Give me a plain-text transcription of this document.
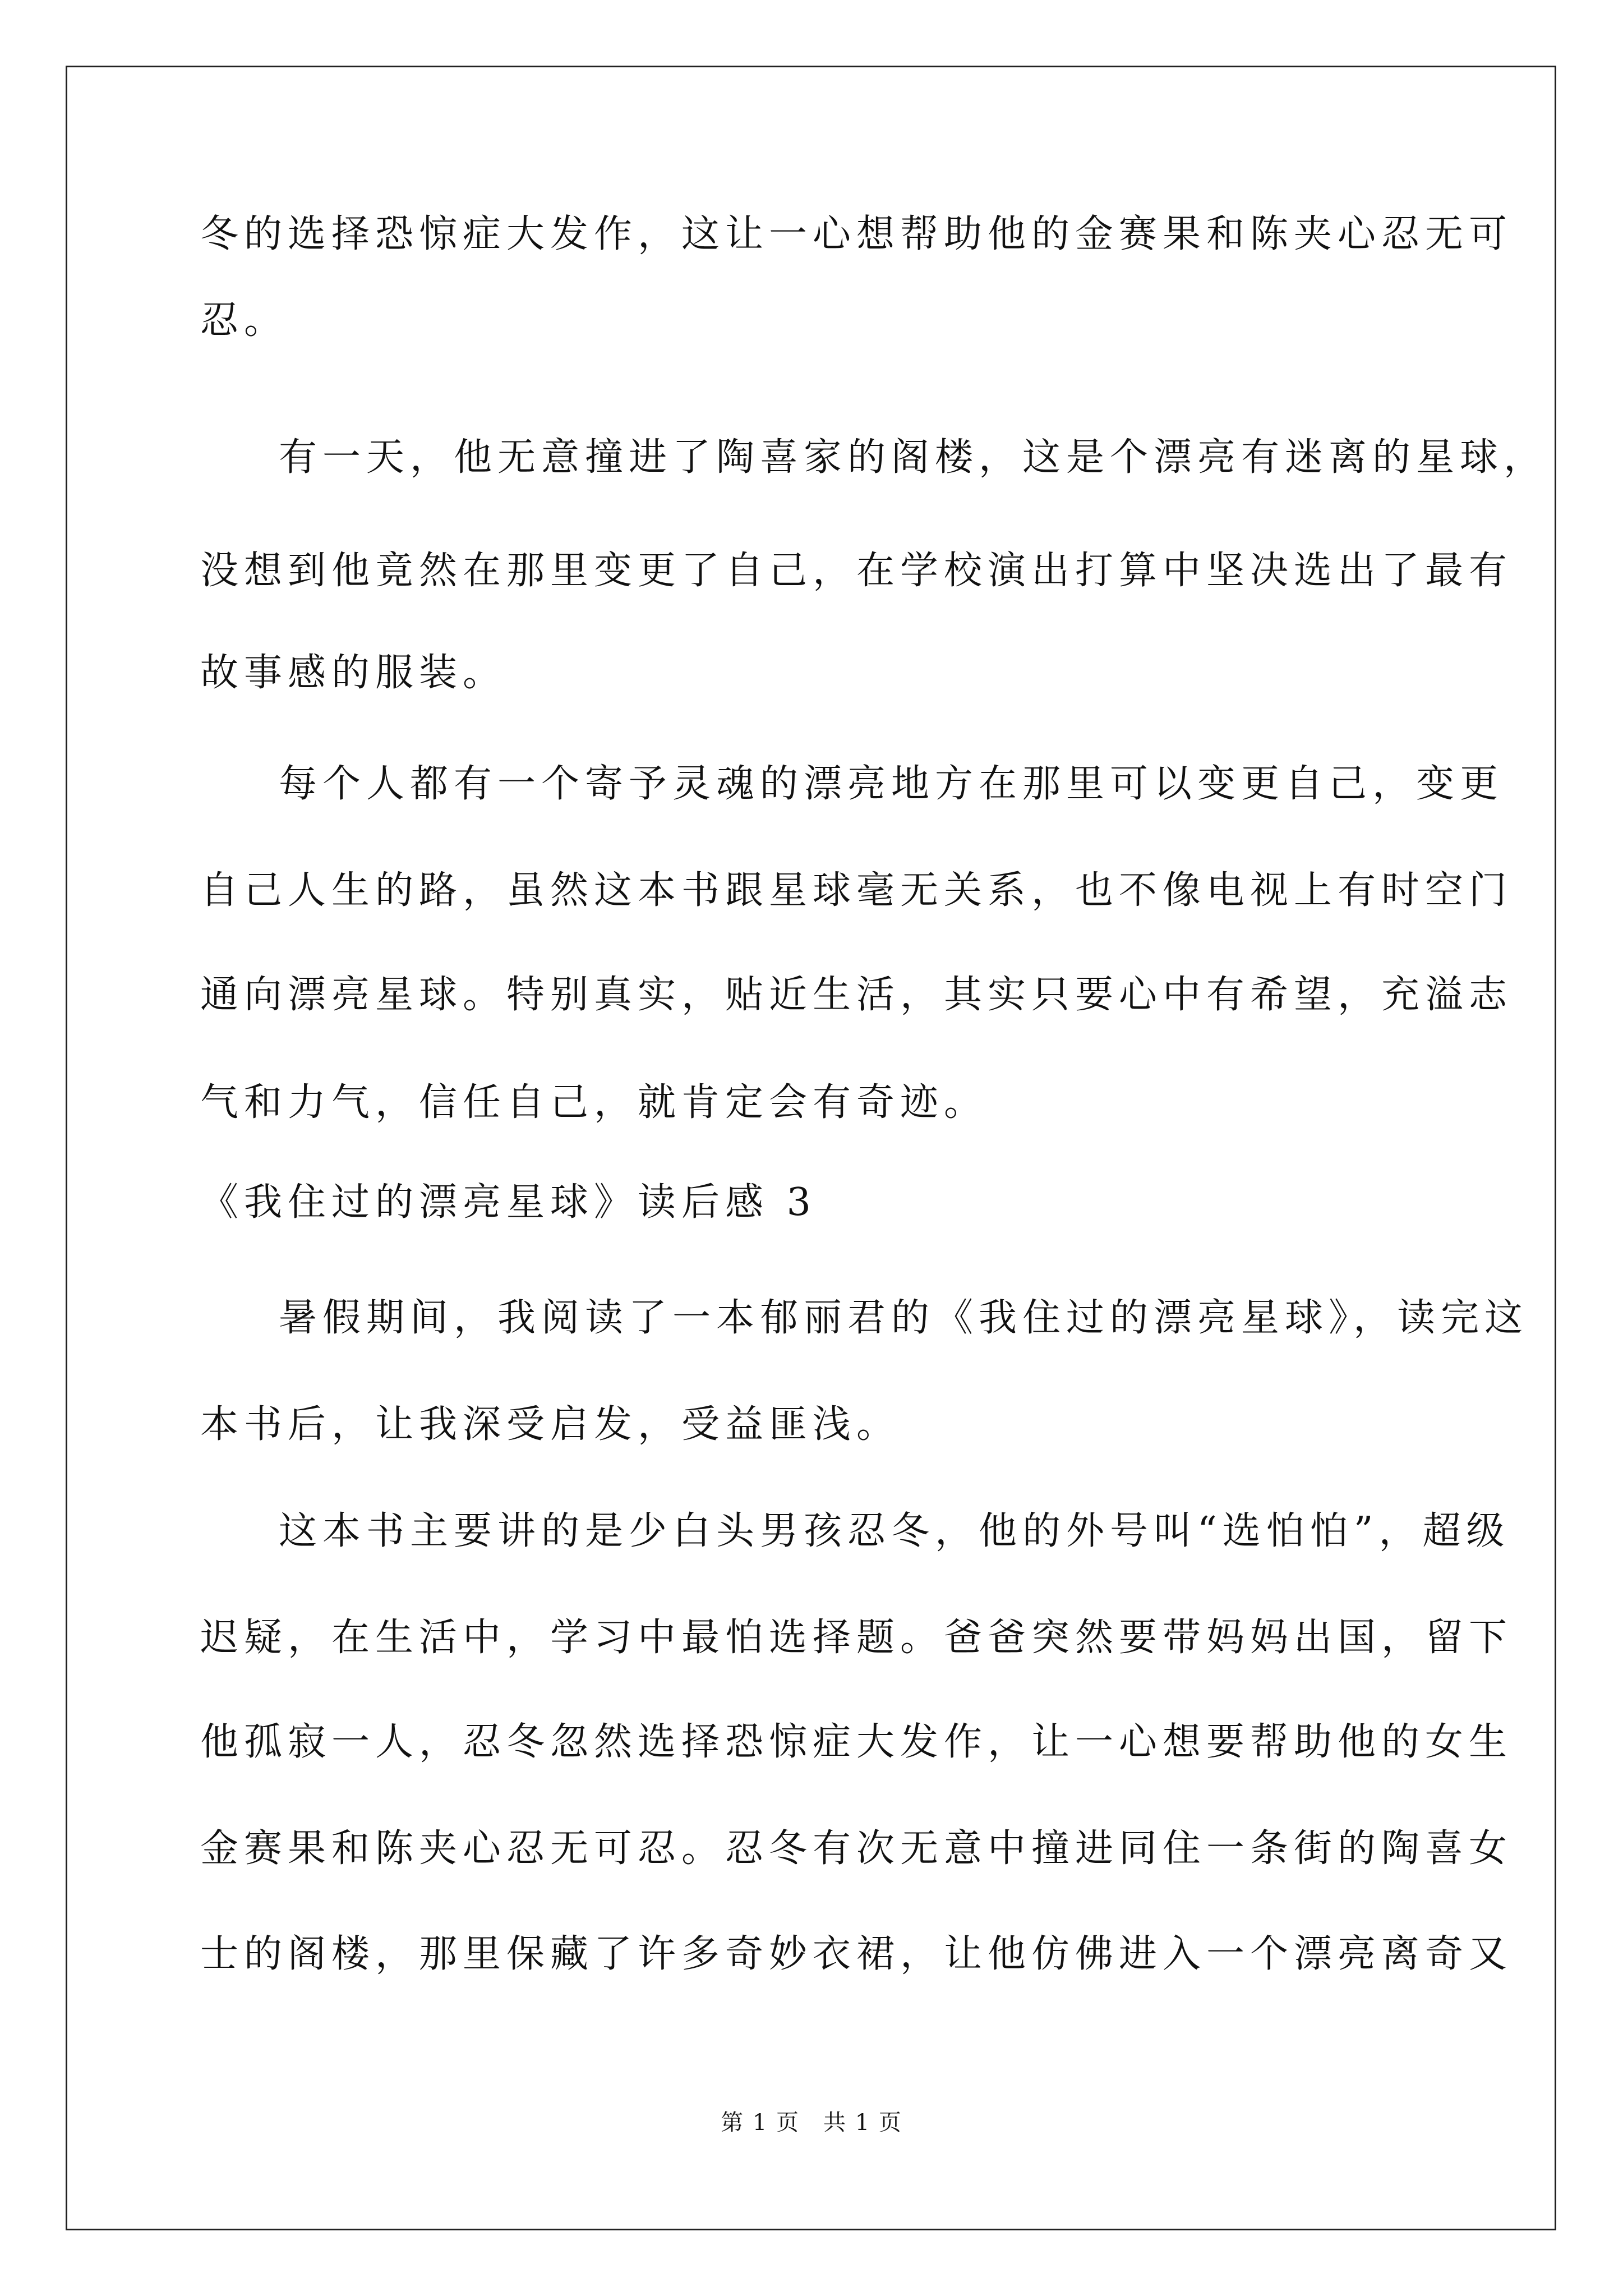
冬的选择恐惊症大发作，这让一心想帮助他的金赛果和陈夹心忍无可
忍。
有一天，他无意撞进了陶喜家的阁楼，这是个漂亮有迷离的星球，
没想到他竟然在那里变更了自己，在学校演出打算中坚决选出了最有
故事感的服装。
每个人都有一个寄予灵魂的漂亮地方在那里可以变更自己，变更
自己人生的路，虽然这本书跟星球毫无关系，也不像电视上有时空门
通向漂亮星球。特别真实，贴近生活，其实只要心中有希望，充溢志
气和力气，信任自己，就肯定会有奇迹。
《我住过的漂亮星球》读后感 3
暑假期间，我阅读了一本郁丽君的《我住过的漂亮星球》，读完这
本书后，让我深受启发，受益匪浅。
这本书主要讲的是少白头男孩忍冬，他的外号叫“选怕怕”，超级
迟疑，在生活中，学习中最怕选择题。爸爸突然要带妈妈出国，留下
他孤寂一人，忍冬忽然选择恐惊症大发作，让一心想要帮助他的女生
金赛果和陈夹心忍无可忍。忍冬有次无意中撞进同住一条街的陶喜女
士的阁楼，那里保藏了许多奇妙衣裙，让他仿佛进入一个漂亮离奇又
第 1 页　共 1 页
